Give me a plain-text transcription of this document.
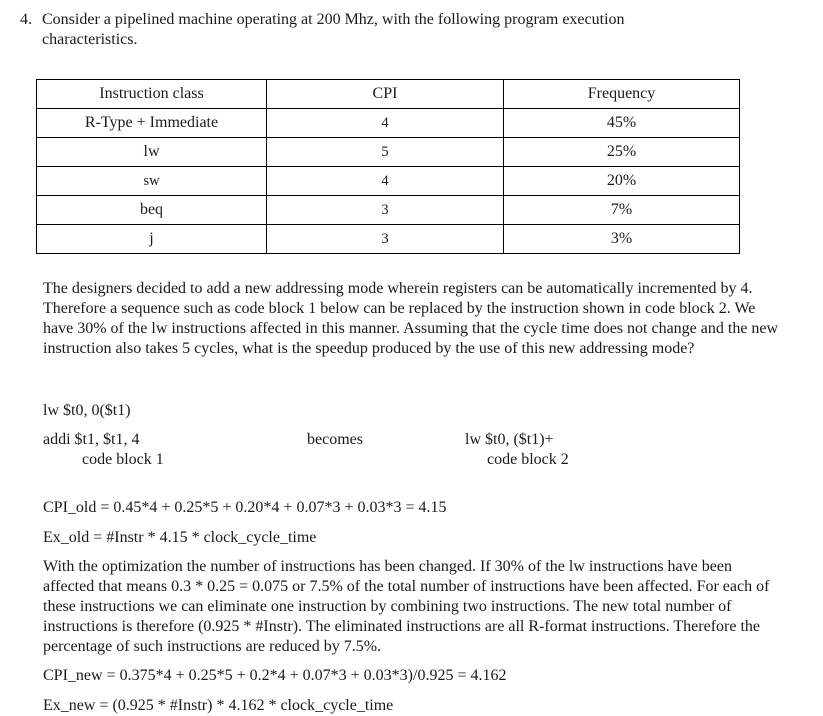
4. Consider a pipelined machine operating at 200 Mhz, with the following program execution characteristics.
Instruction class	CPI	Frequency
R-Type + Immediate	4	45%
lw	5	25%
sw	4	20%
beq	3	7%
j	3	3%
The designers decided to add a new addressing mode wherein registers can be automatically incremented by 4. Therefore a sequence such as code block 1 below can be replaced by the instruction shown in code block 2. We have 30% of the lw instructions affected in this manner. Assuming that the cycle time does not change and the new instruction also takes 5 cycles, what is the speedup produced by the use of this new addressing mode?
lw $t0, 0($t1)
addi $t1, $t1, 4	becomes	lw $t0, ($t1)+
code block 1	code block 2
CPI_old = 0.45*4 + 0.25*5 + 0.20*4 + 0.07*3 + 0.03*3 = 4.15
Ex_old = #Instr * 4.15 * clock_cycle_time
With the optimization the number of instructions has been changed. If 30% of the lw instructions have been affected that means 0.3 * 0.25 = 0.075 or 7.5% of the total number of instructions have been affected. For each of these instructions we can eliminate one instruction by combining two instructions. The new total number of instructions is therefore (0.925 * #Instr). The eliminated instructions are all R-format instructions. Therefore the percentage of such instructions are reduced by 7.5%.
CPI_new = 0.375*4 + 0.25*5 + 0.2*4 + 0.07*3 + 0.03*3)/0.925 = 4.162
Ex_new = (0.925 * #Instr) * 4.162 * clock_cycle_time
